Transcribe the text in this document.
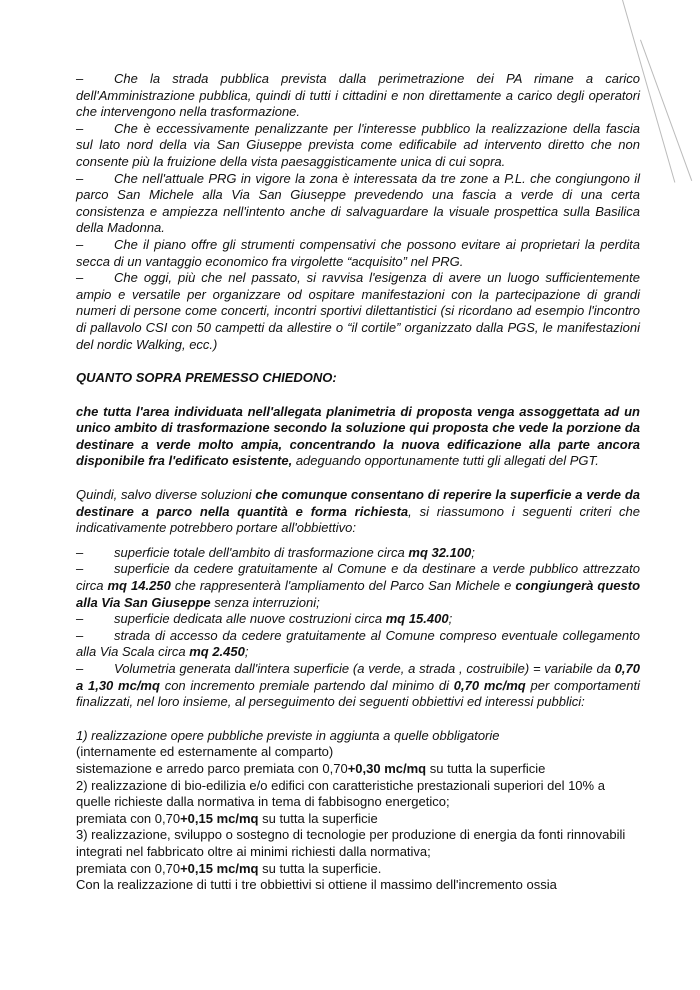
– Che la strada pubblica prevista dalla perimetrazione dei PA rimane a carico dell'Amministrazione pubblica, quindi di tutti i cittadini e non direttamente a carico degli operatori che intervengono nella trasformazione.

– Che è eccessivamente penalizzante per l'interesse pubblico la realizzazione della fascia sul lato nord della via San Giuseppe prevista come edificabile ad intervento diretto che non consente più la fruizione della vista paesaggisticamente unica di cui sopra.

– Che nell'attuale PRG in vigore la zona è interessata da tre zone a P.L. che congiungono il parco San Michele alla Via San Giuseppe prevedendo una fascia a verde di una certa consistenza e ampiezza nell'intento anche di salvaguardare la visuale prospettica sulla Basilica della Madonna.

– Che il piano offre gli strumenti compensativi che possono evitare ai proprietari la perdita secca di un vantaggio economico fra virgolette “acquisito” nel PRG.

– Che oggi, più che nel passato, si ravvisa l'esigenza di avere un luogo sufficientemente ampio e versatile per organizzare od ospitare manifestazioni con la partecipazione di grandi numeri di persone come concerti, incontri sportivi dilettantistici (si ricordano ad esempio l'incontro di pallavolo CSI con 50 campetti da allestire o “il cortile” organizzato dalla PGS, le manifestazioni del nordic Walking, ecc.)

QUANTO SOPRA PREMESSO CHIEDONO:

che tutta l'area individuata nell'allegata planimetria di proposta venga assoggettata ad un unico ambito di trasformazione secondo la soluzione qui proposta che vede la porzione da destinare a verde molto ampia, concentrando la nuova edificazione alla parte ancora disponibile fra l'edificato esistente, adeguando opportunamente tutti gli allegati del PGT.

Quindi, salvo diverse soluzioni che comunque consentano di reperire la superficie a verde da destinare a parco nella quantità e forma richiesta, si riassumono i seguenti criteri che indicativamente potrebbero portare all'obbiettivo:

– superficie totale dell'ambito di trasformazione circa mq 32.100;

– superficie da cedere gratuitamente al Comune e da destinare a verde pubblico attrezzato circa mq 14.250 che rappresenterà l'ampliamento del Parco San Michele e congiungerà questo alla Via San Giuseppe senza interruzioni;

– superficie dedicata alle nuove costruzioni circa mq 15.400;

– strada di accesso da cedere gratuitamente al Comune compreso eventuale collegamento alla Via Scala circa mq 2.450;

– Volumetria generata dall'intera superficie (a verde, a strada , costruibile) = variabile da 0,70 a 1,30 mc/mq con incremento premiale partendo dal minimo di 0,70 mc/mq per comportamenti finalizzati, nel loro insieme, al perseguimento dei seguenti obbiettivi ed interessi pubblici:

1) realizzazione opere pubbliche previste in aggiunta a quelle obbligatorie

(internamente ed esternamente al comparto)

sistemazione e arredo parco premiata con 0,70+0,30 mc/mq su tutta la superficie

2) realizzazione di bio-edilizia e/o edifici con caratteristiche prestazionali superiori del 10% a quelle richieste dalla normativa in tema di fabbisogno energetico;

premiata con 0,70+0,15 mc/mq su tutta la superficie

3) realizzazione, sviluppo o sostegno di tecnologie per produzione di energia da fonti rinnovabili integrati nel fabbricato oltre ai minimi richiesti dalla normativa;

premiata con 0,70+0,15 mc/mq su tutta la superficie.

Con la realizzazione di tutti i tre obbiettivi si ottiene il massimo dell'incremento ossia
